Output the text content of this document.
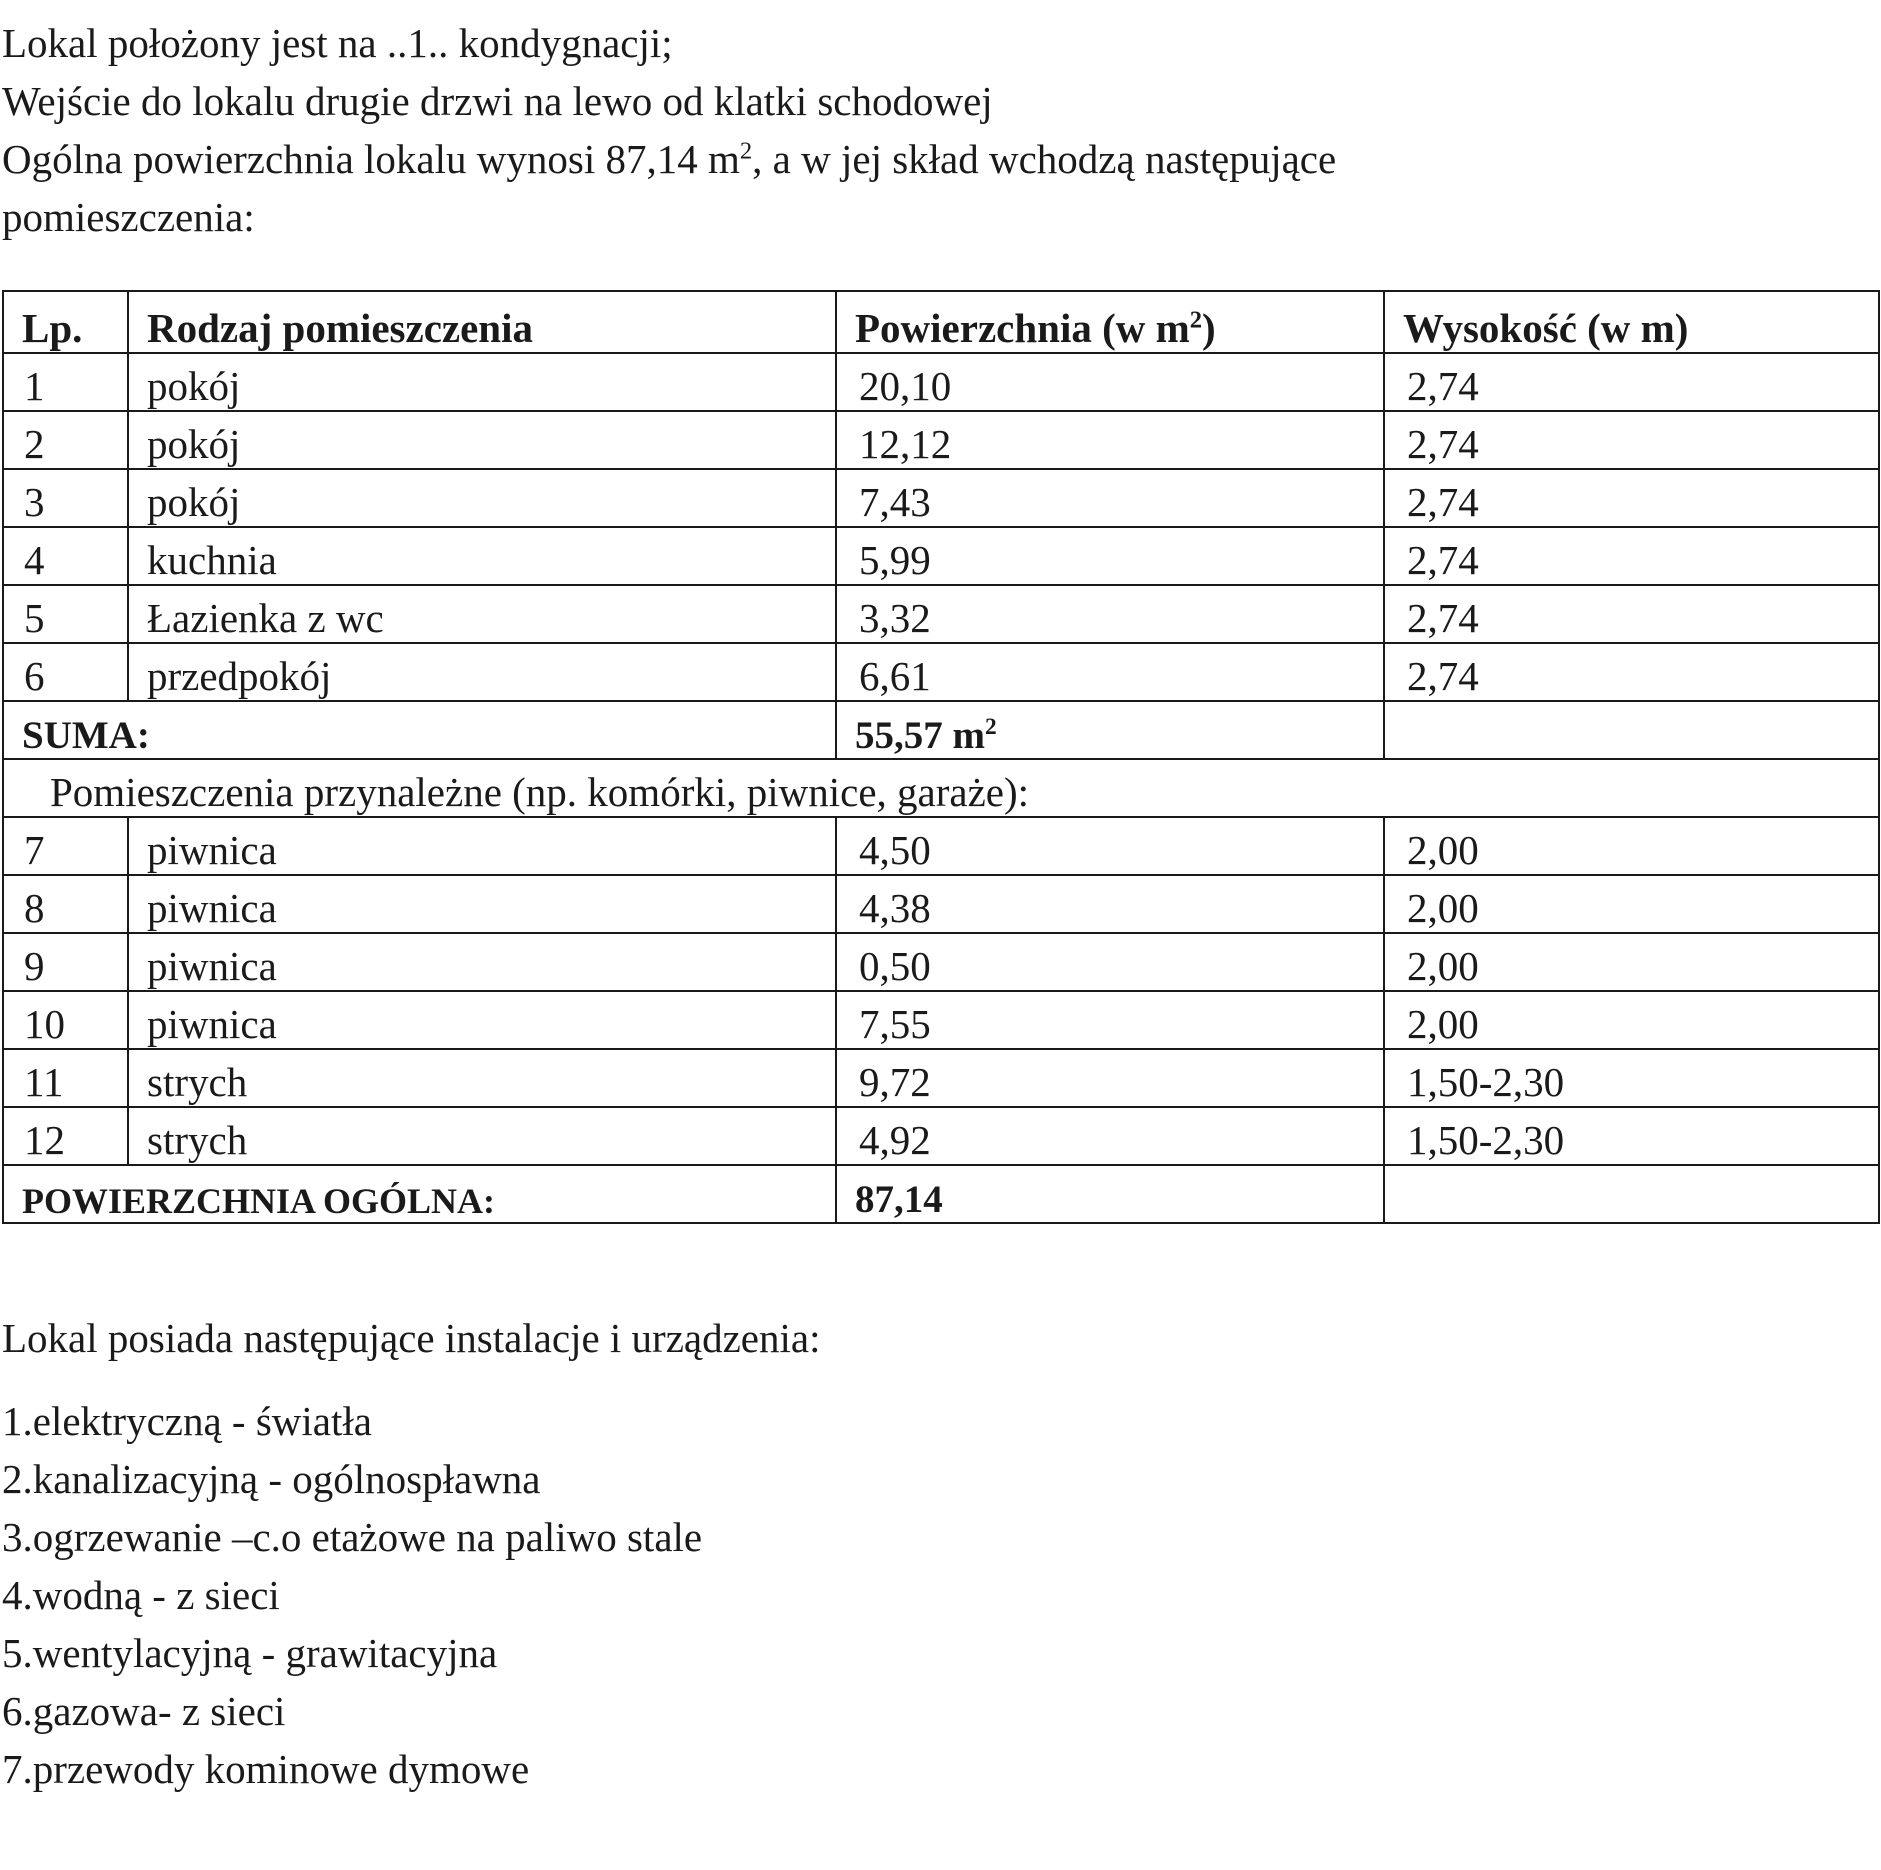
Lokal położony jest na ..1.. kondygnacji;

Wejście do lokalu drugie drzwi na lewo od klatki schodowej

Ogólna powierzchnia lokalu wynosi 87,14 $m^2$, a w jej skład wchodzą następujące

pomieszczenia:

Lp.	Rodzaj pomieszczenia	Powierzchnia (w $m^2$)	Wysokość (w m)
1	pokój	20,10	2,74
2	pokój	12,12	2,74
3	pokój	7,43	2,74
4	kuchnia	5,99	2,74
5	Łazienka z wc	3,32	2,74
6	przedpokój	6,61	2,74
SUMA:		55,57 $m^2$	
Pomieszczenia przynależne (np. komórki, piwnice, garaże):			
7	piwnica	4,50	2,00
8	piwnica	4,38	2,00
9	piwnica	0,50	2,00
10	piwnica	7,55	2,00
11	strych	9,72	1,50-2,30
12	strych	4,92	1,50-2,30
POWIERZCHNIA OGÓLNA:		87,14	

Lokal posiada następujące instalacje i urządzenia:

1.elektryczną - światła
2.kanalizacyjną - ogólnospławna
3.ogrzewanie –c.o etażowe na paliwo stale
4.wodną - z sieci
5.wentylacyjną - grawitacyjna
6.gazowa- z sieci
7.przewody kominowe dymowe
